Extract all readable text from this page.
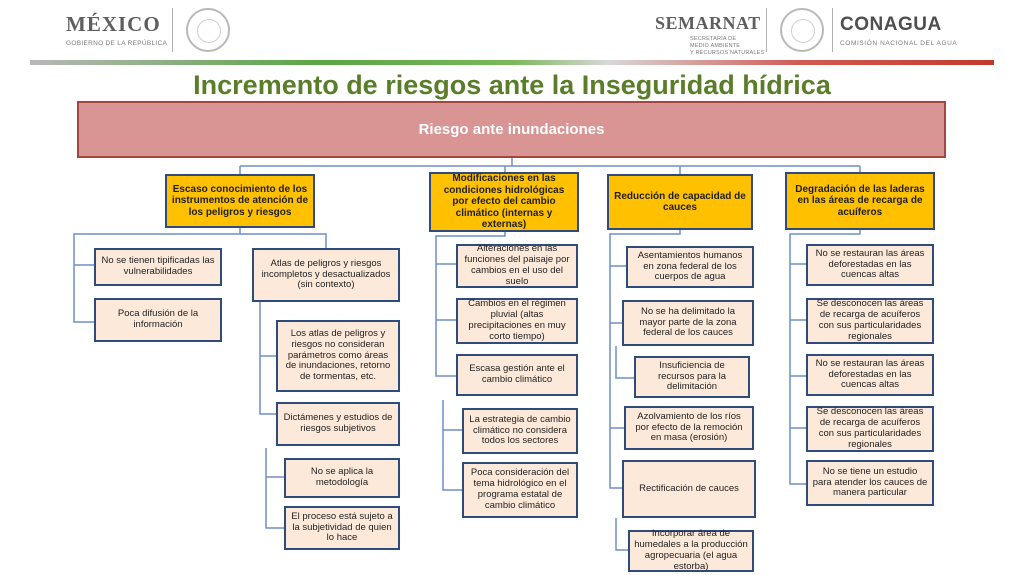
MÉXICO
GOBIERNO DE LA REPÚBLICA
SEMARNAT
SECRETARÍA DE
MEDIO AMBIENTE
Y RECURSOS NATURALES
CONAGUA
COMISIÓN NACIONAL DEL AGUA
Incremento de riesgos ante la Inseguridad hídrica
Riesgo ante inundaciones
Escaso conocimiento de los instrumentos de atención de los peligros y riesgos
Modificaciones en las condiciones hidrológicas por efecto del cambio climático (internas y externas)
Reducción de capacidad de cauces
Degradación de las laderas en las áreas de recarga de acuíferos
No se tienen tipificadas las vulnerabilidades
Poca difusión de la información
Atlas de peligros y riesgos incompletos y desactualizados (sin contexto)
Los atlas de peligros y riesgos no consideran parámetros como áreas de inundaciones, retorno de tormentas, etc.
Dictámenes y estudios de riesgos subjetivos
No se aplica la metodología
El proceso está sujeto a la subjetividad de quien lo hace
Alteraciones en las funciones del paisaje por cambios en el uso del suelo
Cambios en el régimen pluvial (altas precipitaciones en muy corto tiempo)
Escasa gestión ante el cambio climático
La estrategia de cambio climático no considera todos los sectores
Poca consideración del tema hidrológico en el programa estatal de cambio climático
Asentamientos humanos en zona federal de los cuerpos de agua
No se ha delimitado la mayor parte de la zona federal de los cauces
Insuficiencia de recursos para la delimitación
Azolvamiento de los ríos por efecto de la remoción en masa (erosión)
Rectificación de cauces
Incorporar área de humedales a la producción agropecuaria (el agua estorba)
No se restauran las áreas deforestadas en las cuencas altas
Se desconocen las áreas de recarga de acuíferos con sus particularidades regionales
No se restauran las áreas deforestadas en las cuencas altas
Se desconocen las áreas de recarga de acuíferos con sus particularidades regionales
No se tiene un estudio para atender los cauces de manera particular
